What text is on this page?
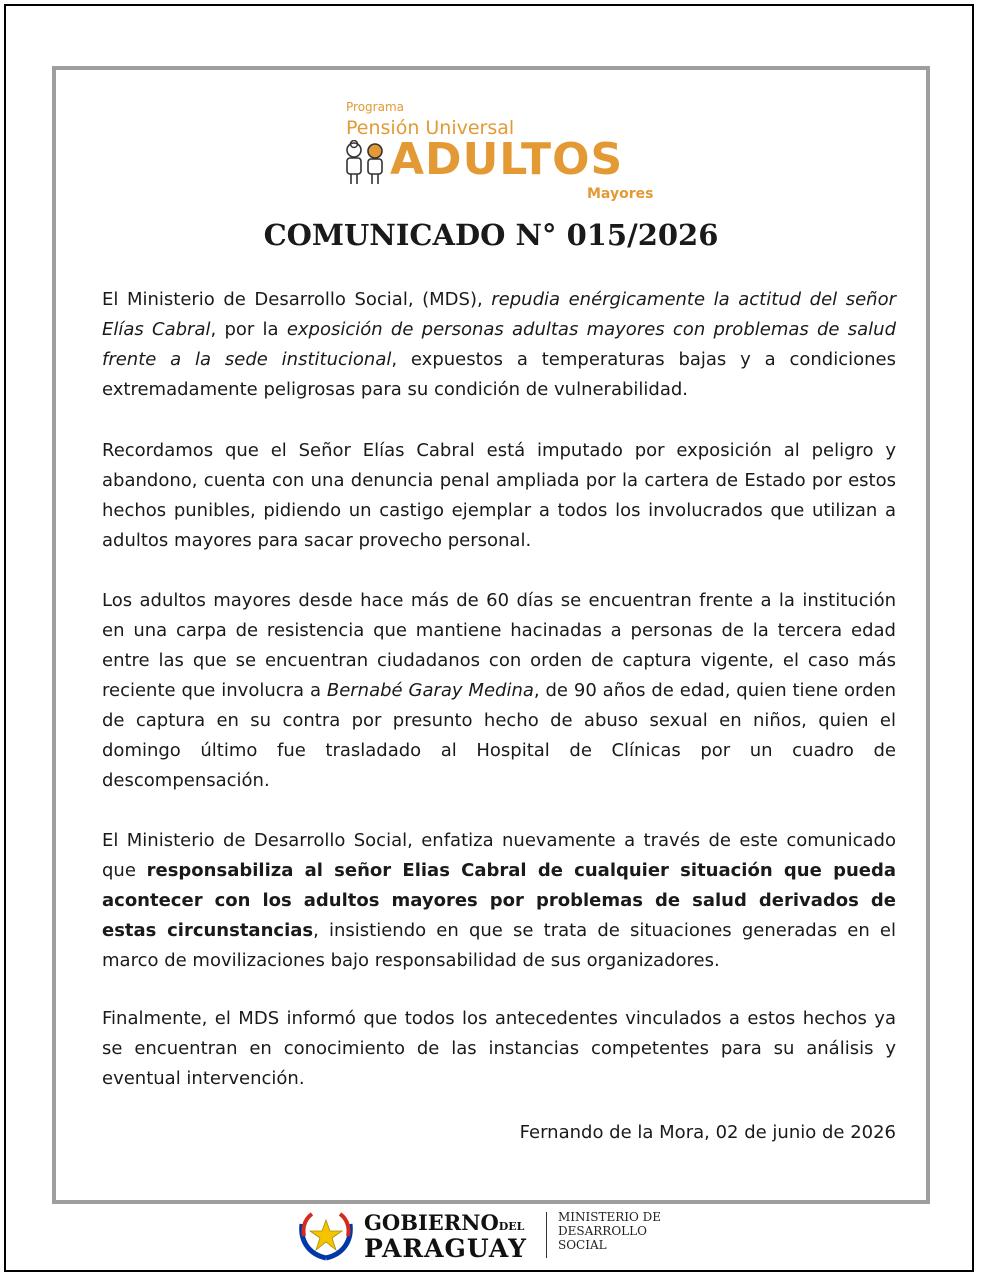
Programa
Pensión Universal
ADULTOS
Mayores
COMUNICADO N° 015/2026

El Ministerio de Desarrollo Social, (MDS), repudia enérgicamente la actitud del señor Elías Cabral, por la exposición de personas adultas mayores con problemas de salud frente a la sede institucional, expuestos a temperaturas bajas y a condiciones extremadamente peligrosas para su condición de vulnerabilidad.

Recordamos que el Señor Elías Cabral está imputado por exposición al peligro y abandono, cuenta con una denuncia penal ampliada por la cartera de Estado por estos hechos punibles, pidiendo un castigo ejemplar a todos los involucrados que utilizan a adultos mayores para sacar provecho personal.

Los adultos mayores desde hace más de 60 días se encuentran frente a la institución en una carpa de resistencia que mantiene hacinadas a personas de la tercera edad entre las que se encuentran ciudadanos con orden de captura vigente, el caso más reciente que involucra a Bernabé Garay Medina, de 90 años de edad, quien tiene orden de captura en su contra por presunto hecho de abuso sexual en niños, quien el domingo último fue trasladado al Hospital de Clínicas por un cuadro de descompensación.

El Ministerio de Desarrollo Social, enfatiza nuevamente a través de este comunicado que responsabiliza al señor Elias Cabral de cualquier situación que pueda acontecer con los adultos mayores por problemas de salud derivados de estas circunstancias, insistiendo en que se trata de situaciones generadas en el marco de movilizaciones bajo responsabilidad de sus organizadores.

Finalmente, el MDS informó que todos los antecedentes vinculados a estos hechos ya se encuentran en conocimiento de las instancias competentes para su análisis y eventual intervención.

Fernando de la Mora, 02 de junio de 2026
GOBIERNODEL
PARAGUAY
MINISTERIO DE
DESARROLLO
SOCIAL
